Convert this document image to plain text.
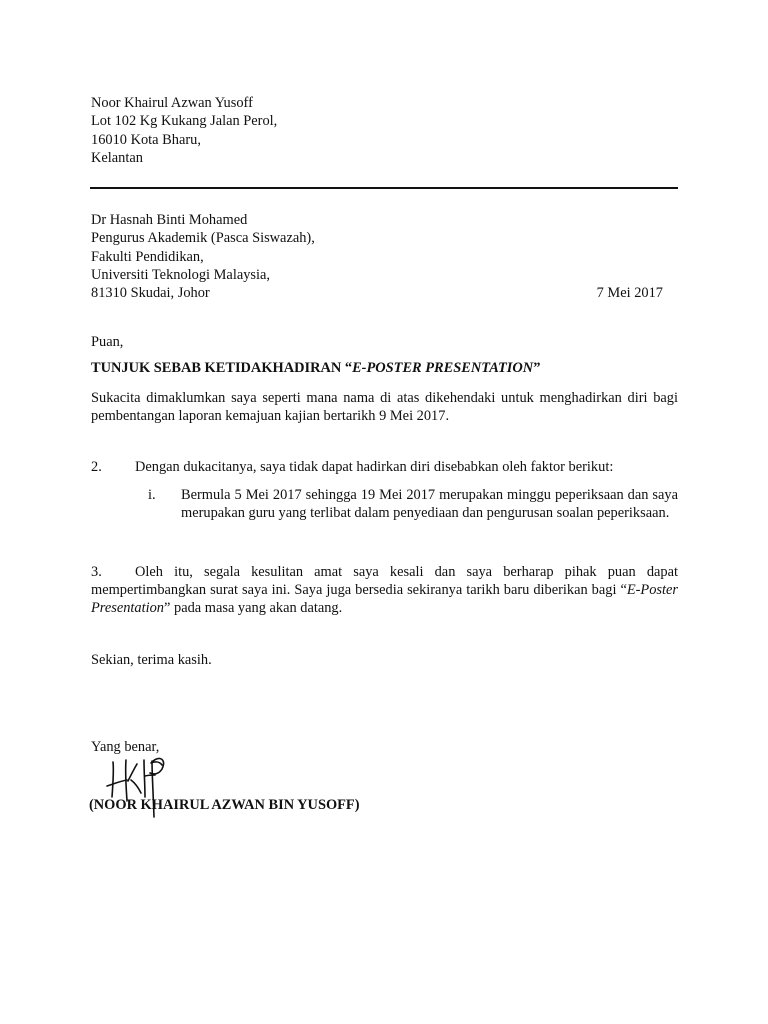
Noor Khairul Azwan Yusoff
Lot 102 Kg Kukang Jalan Perol,
16010 Kota Bharu,
Kelantan
Dr Hasnah Binti Mohamed
Pengurus Akademik (Pasca Siswazah),
Fakulti Pendidikan,
Universiti Teknologi Malaysia,
81310 Skudai, Johor	7 Mei 2017
Puan,
TUNJUK SEBAB KETIDAKHADIRAN “E-POSTER PRESENTATION”
Sukacita dimaklumkan saya seperti mana nama di atas dikehendaki untuk menghadirkan diri bagi pembentangan laporan kemajuan kajian bertarikh 9 Mei 2017.
2. Dengan dukacitanya, saya tidak dapat hadirkan diri disebabkan oleh faktor berikut:
i. Bermula 5 Mei 2017 sehingga 19 Mei 2017 merupakan minggu peperiksaan dan saya merupakan guru yang terlibat dalam penyediaan dan pengurusan soalan peperiksaan.
3. Oleh itu, segala kesulitan amat saya kesali dan saya berharap pihak puan dapat mempertimbangkan surat saya ini. Saya juga bersedia sekiranya tarikh baru diberikan bagi “E-Poster Presentation” pada masa yang akan datang.
Sekian, terima kasih.
Yang benar,
(NOOR KHAIRUL AZWAN BIN YUSOFF)
